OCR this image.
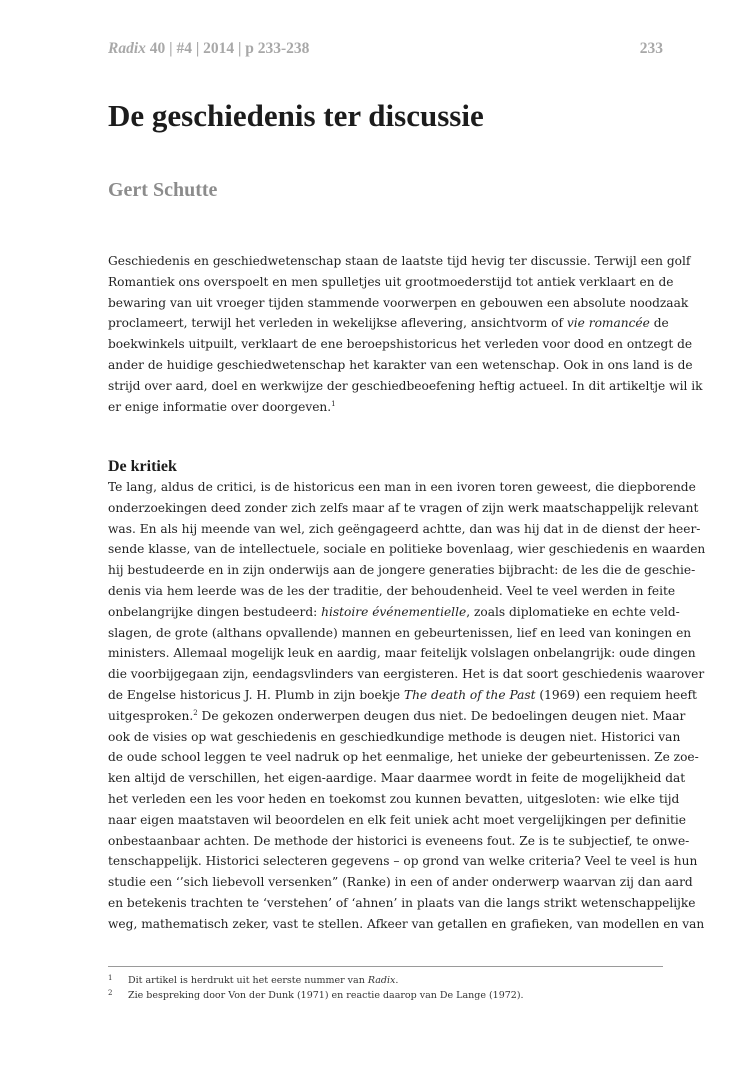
Radix 40 | #4 | 2014 | p 233-238	233
De geschiedenis ter discussie
Gert Schutte
Geschiedenis en geschiedwetenschap staan de laatste tijd hevig ter discussie. Terwijl een golf
Romantiek ons overspoelt en men spulletjes uit grootmoederstijd tot antiek verklaart en de
bewaring van uit vroeger tijden stammende voorwerpen en gebouwen een absolute noodzaak
proclameert, terwijl het verleden in wekelijkse aflevering, ansichtvorm of vie romancée de
boekwinkels uitpuilt, verklaart de ene beroepshistoricus het verleden voor dood en ontzegt de
ander de huidige geschiedwetenschap het karakter van een wetenschap. Ook in ons land is de
strijd over aard, doel en werkwijze der geschiedbeoefening heftig actueel. In dit artikeltje wil ik
er enige informatie over doorgeven.$^1$
De kritiek
Te lang, aldus de critici, is de historicus een man in een ivoren toren geweest, die diepborende
onderzoekingen deed zonder zich zelfs maar af te vragen of zijn werk maatschappelijk relevant
was. En als hij meende van wel, zich geëngageerd achtte, dan was hij dat in de dienst der heer-
sende klasse, van de intellectuele, sociale en politieke bovenlaag, wier geschiedenis en waarden
hij bestudeerde en in zijn onderwijs aan de jongere generaties bijbracht: de les die de geschie-
denis via hem leerde was de les der traditie, der behoudenheid. Veel te veel werden in feite
onbelangrijke dingen bestudeerd: histoire événementielle, zoals diplomatieke en echte veld-
slagen, de grote (althans opvallende) mannen en gebeurtenissen, lief en leed van koningen en
ministers. Allemaal mogelijk leuk en aardig, maar feitelijk volslagen onbelangrijk: oude dingen
die voorbijgegaan zijn, eendagsvlinders van eergisteren. Het is dat soort geschiedenis waarover
de Engelse historicus J. H. Plumb in zijn boekje The death of the Past (1969) een requiem heeft
uitgesproken.$^2$ De gekozen onderwerpen deugen dus niet. De bedoelingen deugen niet. Maar
ook de visies op wat geschiedenis en geschiedkundige methode is deugen niet. Historici van
de oude school leggen te veel nadruk op het eenmalige, het unieke der gebeurtenissen. Ze zoe-
ken altijd de verschillen, het eigen-aardige. Maar daarmee wordt in feite de mogelijkheid dat
het verleden een les voor heden en toekomst zou kunnen bevatten, uitgesloten: wie elke tijd
naar eigen maatstaven wil beoordelen en elk feit uniek acht moet vergelijkingen per definitie
onbestaanbaar achten. De methode der historici is eveneens fout. Ze is te subjectief, te onwe-
tenschappelijk. Historici selecteren gegevens – op grond van welke criteria? Veel te veel is hun
studie een ‘’sich liebevoll versenken” (Ranke) in een of ander onderwerp waarvan zij dan aard
en betekenis trachten te ‘verstehen’ of ‘ahnen’ in plaats van die langs strikt wetenschappelijke
weg, mathematisch zeker, vast te stellen. Afkeer van getallen en grafieken, van modellen en van
1 Dit artikel is herdrukt uit het eerste nummer van Radix.
2 Zie bespreking door Von der Dunk (1971) en reactie daarop van De Lange (1972).
